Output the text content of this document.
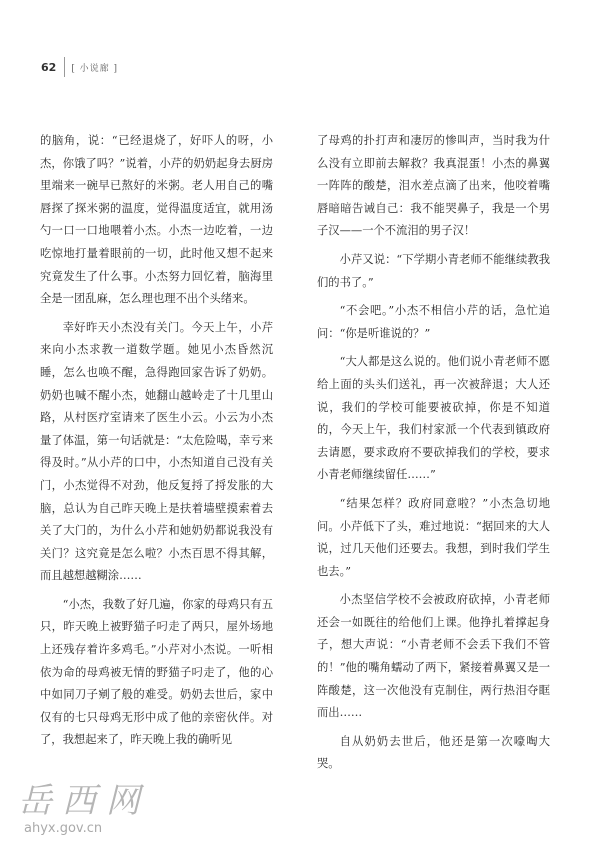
62 [ 小说廊 ]

的脑角，说：“已经退烧了，好吓人的呀，小杰，你饿了吗？”说着，小芹的奶奶起身去厨房里端来一碗早已熬好的米粥。老人用自己的嘴唇探了探米粥的温度，觉得温度适宜，就用汤勺一口一口地喂着小杰。小杰一边吃着，一边吃惊地打量着眼前的一切，此时他又想不起来究竟发生了什么事。小杰努力回忆着，脑海里全是一团乱麻，怎么理也理不出个头绪来。

幸好昨天小杰没有关门。今天上午，小芹来向小杰求教一道数学题。她见小杰昏然沉睡，怎么也唤不醒，急得跑回家告诉了奶奶。奶奶也喊不醒小杰，她翻山越岭走了十几里山路，从村医疗室请来了医生小云。小云为小杰量了体温，第一句话就是：“太危险喝，幸亏来得及时。”从小芹的口中，小杰知道自己没有关门，小杰觉得不对劲，他反复捋了捋发胀的大脑，总认为自己昨天晚上是扶着墙壁摸索着去关了大门的，为什么小芹和她奶奶都说我没有关门？这究竟是怎么啦？小杰百思不得其解，而且越想越糊涂……

“小杰，我数了好几遍，你家的母鸡只有五只，昨天晚上被野猫子叼走了两只，屋外场地上还残存着许多鸡毛。”小芹对小杰说。一听相依为命的母鸡被无情的野猫子叼走了，他的心中如同刀子剜了般的难受。奶奶去世后，家中仅有的七只母鸡无形中成了他的亲密伙伴。对了，我想起来了，昨天晚上我的确听见

了母鸡的扑打声和凄厉的惨叫声，当时我为什么没有立即前去解救？我真混蛋！小杰的鼻翼一阵阵的酸楚，泪水差点滴了出来，他咬着嘴唇暗暗告诫自己：我不能哭鼻子，我是一个男子汉——一个不流泪的男子汉！

小芹又说：“下学期小青老师不能继续教我们的书了。”

“不会吧。”小杰不相信小芹的话，急忙追问：“你是听谁说的？”

“大人都是这么说的。他们说小青老师不愿给上面的头头们送礼，再一次被辞退；大人还说，我们的学校可能要被砍掉，你是不知道的，今天上午，我们村家派一个代表到镇政府去请愿，要求政府不要砍掉我们的学校，要求小青老师继续留任……”

“结果怎样？政府同意啦？”小杰急切地问。小芹低下了头，难过地说：“据回来的大人说，过几天他们还要去。我想，到时我们学生也去。”

小杰坚信学校不会被政府砍掉，小青老师还会一如既往的给他们上课。他挣扎着撑起身子，想大声说：“小青老师不会丢下我们不管的！”他的嘴角蠕动了两下，紧接着鼻翼又是一阵酸楚，这一次他没有克制住，两行热泪夺眶而出……

自从奶奶去世后，他还是第一次嚎啕大哭。

岳西网
ahyx.gov.cn
